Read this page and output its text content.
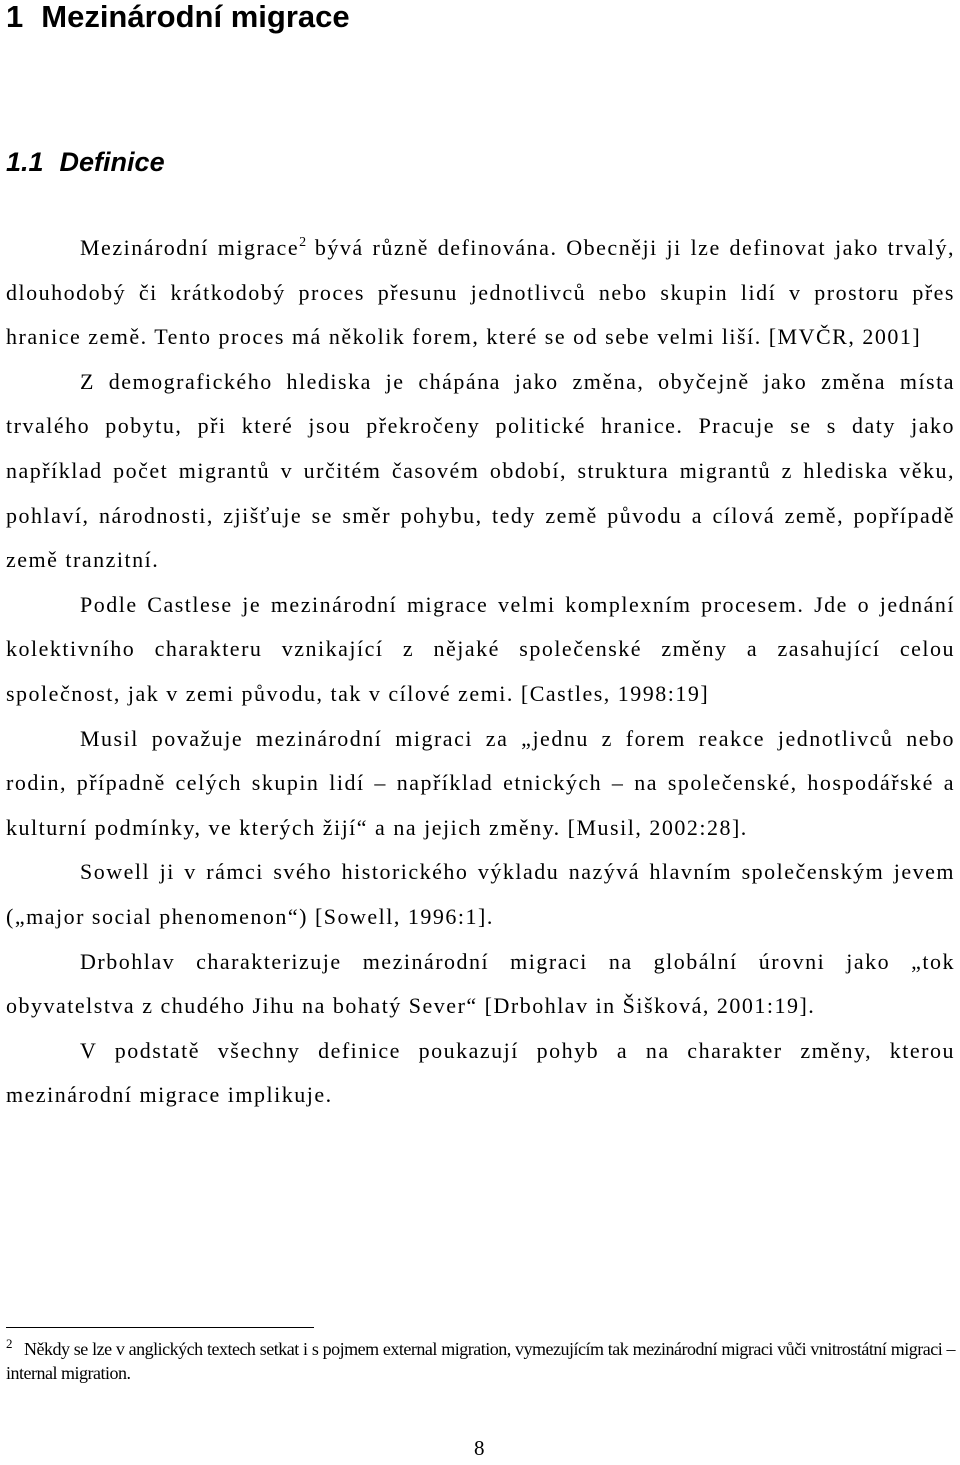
1 Mezinárodní migrace
1.1 Definice

Mezinárodní migrace$^2$ bývá různě definována. Obecněji ji lze definovat jako trvalý, dlouhodobý či krátkodobý proces přesunu jednotlivců nebo skupin lidí v prostoru přes hranice země. Tento proces má několik forem, které se od sebe velmi liší. [MVČR, 2001]

Z demografického hlediska je chápána jako změna, obyčejně jako změna místa trvalého pobytu, při které jsou překročeny politické hranice. Pracuje se s daty jako například počet migrantů v určitém časovém období, struktura migrantů z hlediska věku, pohlaví, národnosti, zjišťuje se směr pohybu, tedy země původu a cílová země, popřípadě země tranzitní.

Podle Castlese je mezinárodní migrace velmi komplexním procesem. Jde o jednání kolektivního charakteru vznikající z nějaké společenské změny a zasahující celou společnost, jak v zemi původu, tak v cílové zemi. [Castles, 1998:19]

Musil považuje mezinárodní migraci za „jednu z forem reakce jednotlivců nebo rodin, případně celých skupin lidí – například etnických – na společenské, hospodářské a kulturní podmínky, ve kterých žijí“ a na jejich změny. [Musil, 2002:28].

Sowell ji v rámci svého historického výkladu nazývá hlavním společenským jevem („major social phenomenon“) [Sowell, 1996:1].

Drbohlav charakterizuje mezinárodní migraci na globální úrovni jako „tok obyvatelstva z chudého Jihu na bohatý Sever“ [Drbohlav in Šišková, 2001:19].

V podstatě všechny definice poukazují pohyb a na charakter změny, kterou mezinárodní migrace implikuje.

$^2$ Někdy se lze v anglických textech setkat i s pojmem external migration, vymezujícím tak mezinárodní migraci vůči vnitrostátní migraci – internal migration.
8
